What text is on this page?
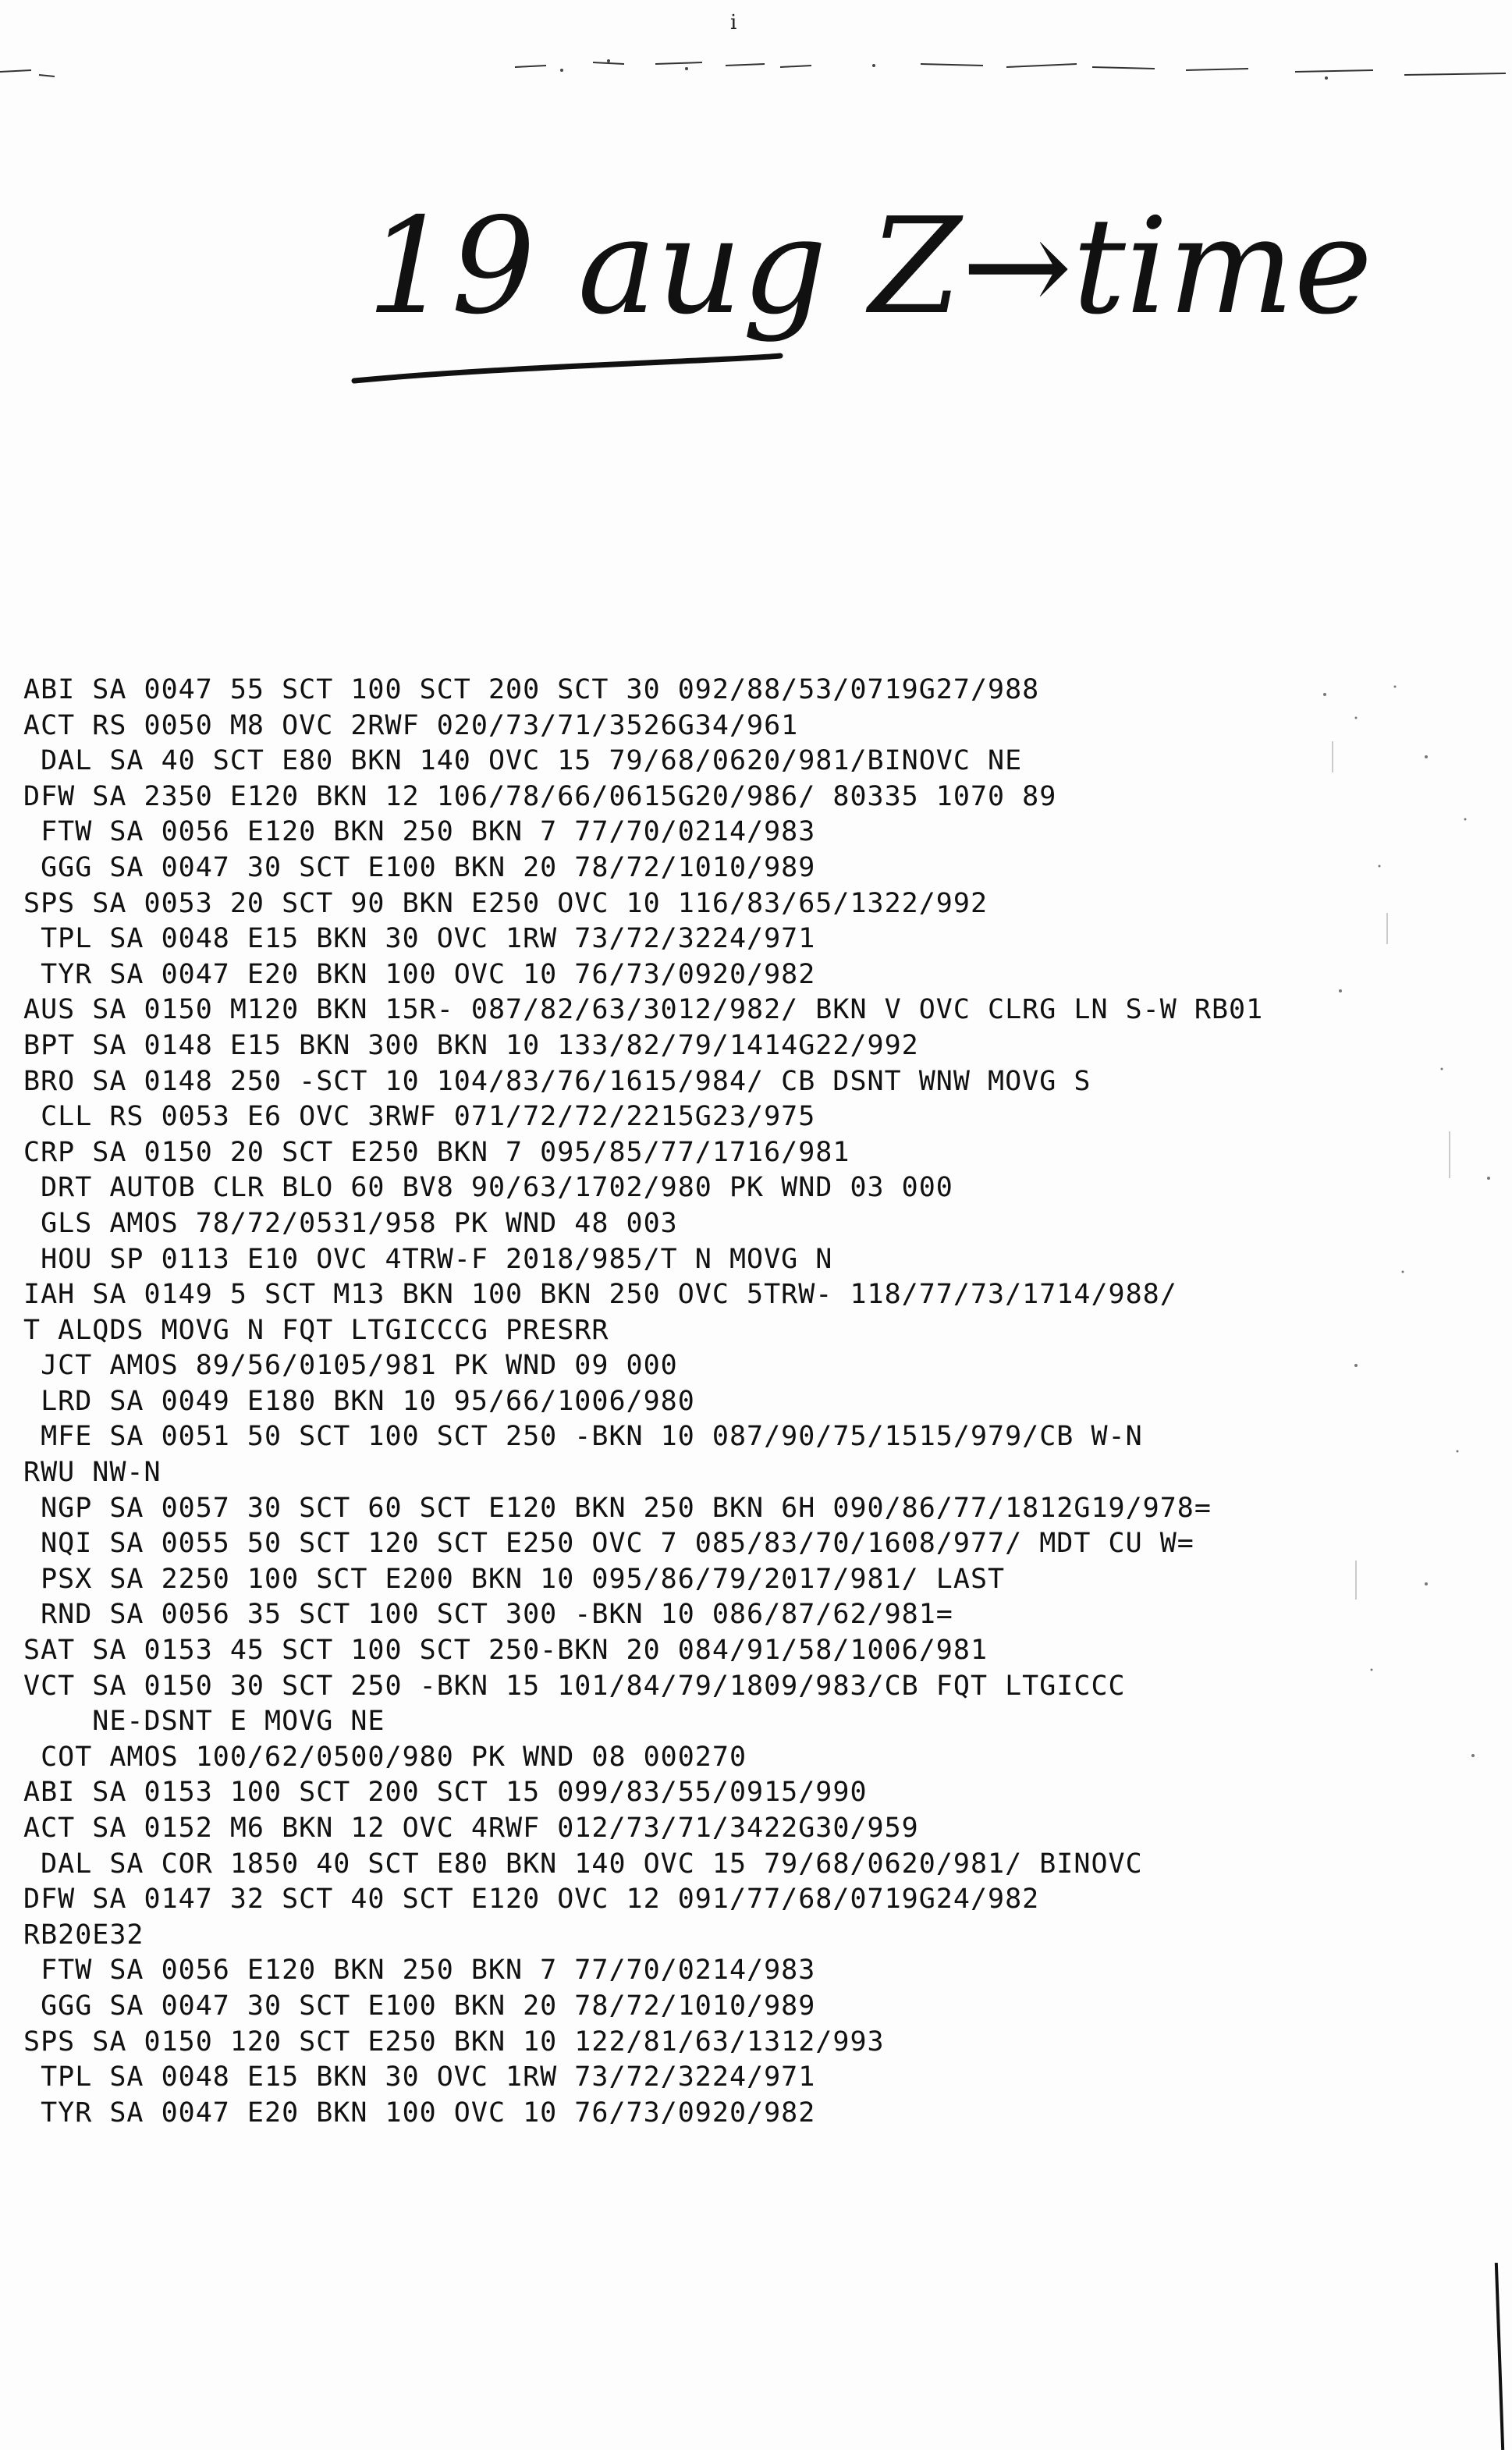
i
19 aug Z→time
ABI SA 0047 55 SCT 100 SCT 200 SCT 30 092/88/53/0719G27/988
ACT RS 0050 M8 OVC 2RWF 020/73/71/3526G34/961
DAL SA 40 SCT E80 BKN 140 OVC 15 79/68/0620/981/BINOVC NE
DFW SA 2350 E120 BKN 12 106/78/66/0615G20/986/ 80335 1070 89
FTW SA 0056 E120 BKN 250 BKN 7 77/70/0214/983
GGG SA 0047 30 SCT E100 BKN 20 78/72/1010/989
SPS SA 0053 20 SCT 90 BKN E250 OVC 10 116/83/65/1322/992
TPL SA 0048 E15 BKN 30 OVC 1RW 73/72/3224/971
TYR SA 0047 E20 BKN 100 OVC 10 76/73/0920/982
AUS SA 0150 M120 BKN 15R- 087/82/63/3012/982/ BKN V OVC CLRG LN S-W RB01
BPT SA 0148 E15 BKN 300 BKN 10 133/82/79/1414G22/992
BRO SA 0148 250 -SCT 10 104/83/76/1615/984/ CB DSNT WNW MOVG S
CLL RS 0053 E6 OVC 3RWF 071/72/72/2215G23/975
CRP SA 0150 20 SCT E250 BKN 7 095/85/77/1716/981
DRT AUTOB CLR BLO 60 BV8 90/63/1702/980 PK WND 03 000
GLS AMOS 78/72/0531/958 PK WND 48 003
HOU SP 0113 E10 OVC 4TRW-F 2018/985/T N MOVG N
IAH SA 0149 5 SCT M13 BKN 100 BKN 250 OVC 5TRW- 118/77/73/1714/988/
T ALQDS MOVG N FQT LTGICCCG PRESRR
JCT AMOS 89/56/0105/981 PK WND 09 000
LRD SA 0049 E180 BKN 10 95/66/1006/980
MFE SA 0051 50 SCT 100 SCT 250 -BKN 10 087/90/75/1515/979/CB W-N
RWU NW-N
NGP SA 0057 30 SCT 60 SCT E120 BKN 250 BKN 6H 090/86/77/1812G19/978=
NQI SA 0055 50 SCT 120 SCT E250 OVC 7 085/83/70/1608/977/ MDT CU W=
PSX SA 2250 100 SCT E200 BKN 10 095/86/79/2017/981/ LAST
RND SA 0056 35 SCT 100 SCT 300 -BKN 10 086/87/62/981=
SAT SA 0153 45 SCT 100 SCT 250-BKN 20 084/91/58/1006/981
VCT SA 0150 30 SCT 250 -BKN 15 101/84/79/1809/983/CB FQT LTGICCC
NE-DSNT E MOVG NE
COT AMOS 100/62/0500/980 PK WND 08 000270
ABI SA 0153 100 SCT 200 SCT 15 099/83/55/0915/990
ACT SA 0152 M6 BKN 12 OVC 4RWF 012/73/71/3422G30/959
DAL SA COR 1850 40 SCT E80 BKN 140 OVC 15 79/68/0620/981/ BINOVC
DFW SA 0147 32 SCT 40 SCT E120 OVC 12 091/77/68/0719G24/982
RB20E32
FTW SA 0056 E120 BKN 250 BKN 7 77/70/0214/983
GGG SA 0047 30 SCT E100 BKN 20 78/72/1010/989
SPS SA 0150 120 SCT E250 BKN 10 122/81/63/1312/993
TPL SA 0048 E15 BKN 30 OVC 1RW 73/72/3224/971
TYR SA 0047 E20 BKN 100 OVC 10 76/73/0920/982
